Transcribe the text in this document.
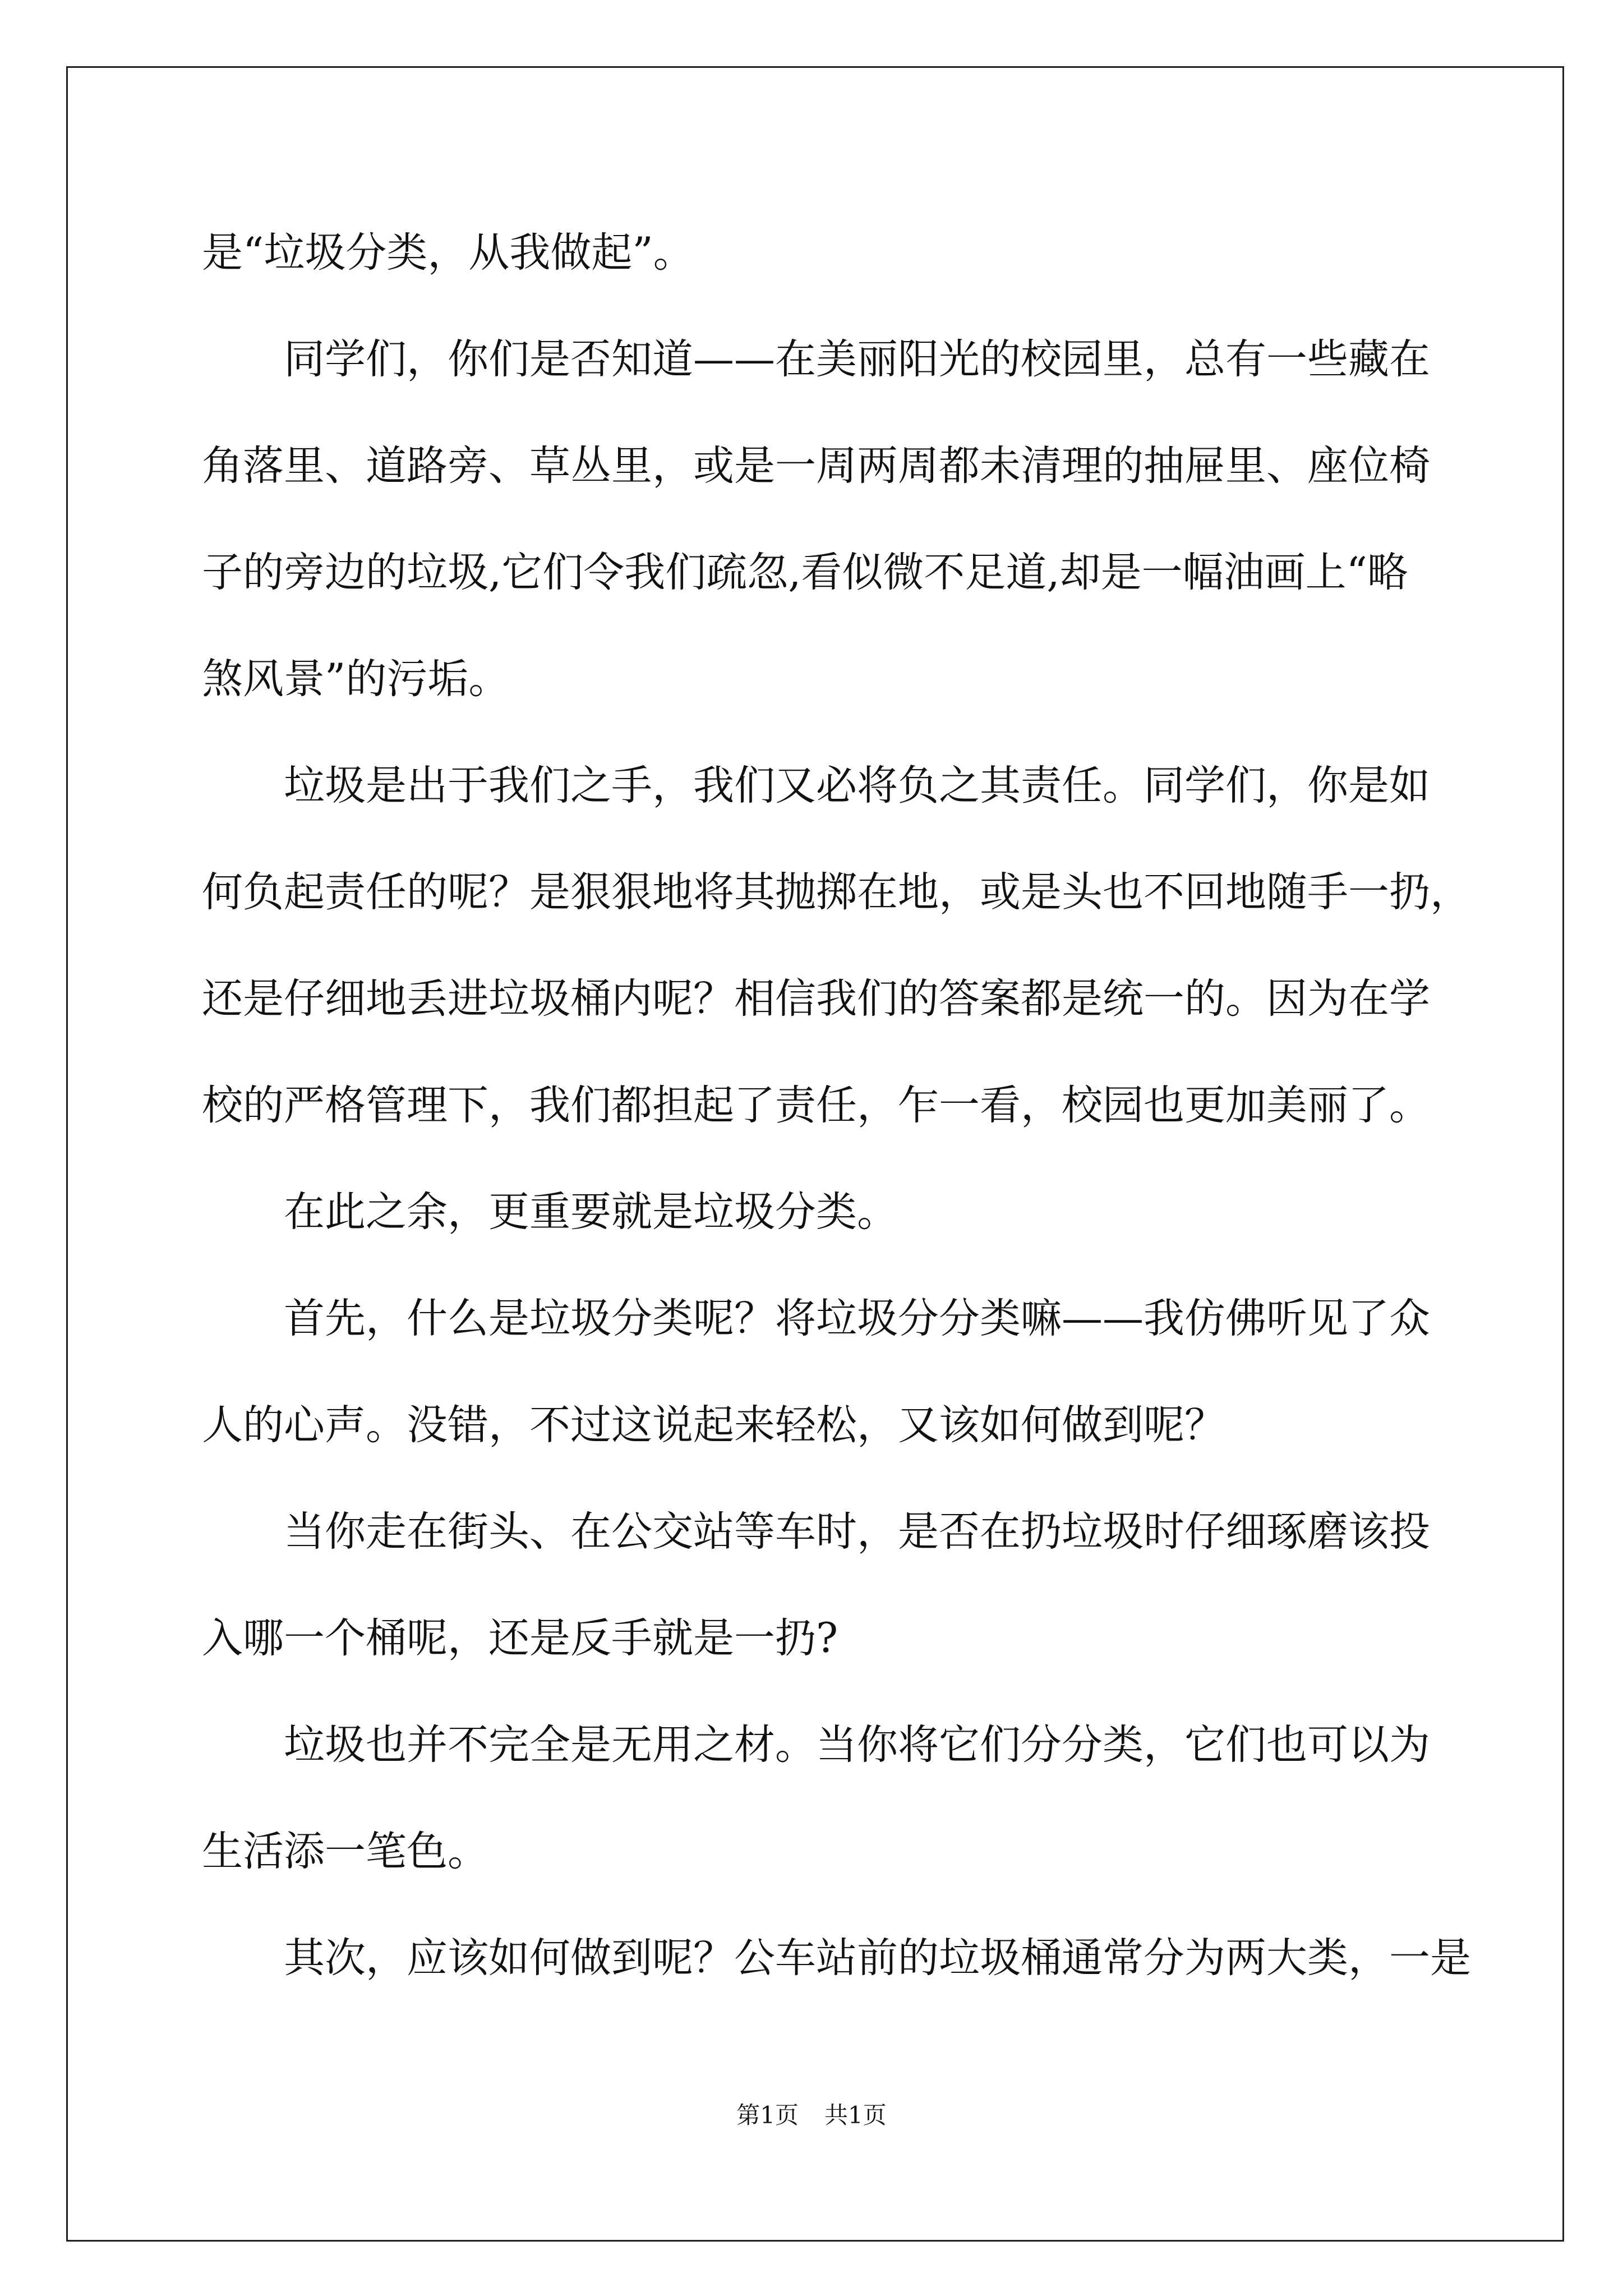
是“垃圾分类，从我做起”。
同学们，你们是否知道——在美丽阳光的校园里，总有一些藏在
角落里、道路旁、草丛里，或是一周两周都未清理的抽屉里、座位椅
子的旁边的垃圾,它们令我们疏忽,看似微不足道,却是一幅油画上“略
煞风景”的污垢。
垃圾是出于我们之手，我们又必将负之其责任。同学们，你是如
何负起责任的呢？是狠狠地将其抛掷在地，或是头也不回地随手一扔，
还是仔细地丢进垃圾桶内呢？相信我们的答案都是统一的。因为在学
校的严格管理下，我们都担起了责任，乍一看，校园也更加美丽了。
在此之余，更重要就是垃圾分类。
首先，什么是垃圾分类呢？将垃圾分分类嘛——我仿佛听见了众
人的心声。没错，不过这说起来轻松，又该如何做到呢？
当你走在街头、在公交站等车时，是否在扔垃圾时仔细琢磨该投
入哪一个桶呢，还是反手就是一扔?
垃圾也并不完全是无用之材。当你将它们分分类，它们也可以为
生活添一笔色。
其次，应该如何做到呢？公车站前的垃圾桶通常分为两大类，一是
第1页 共1页
